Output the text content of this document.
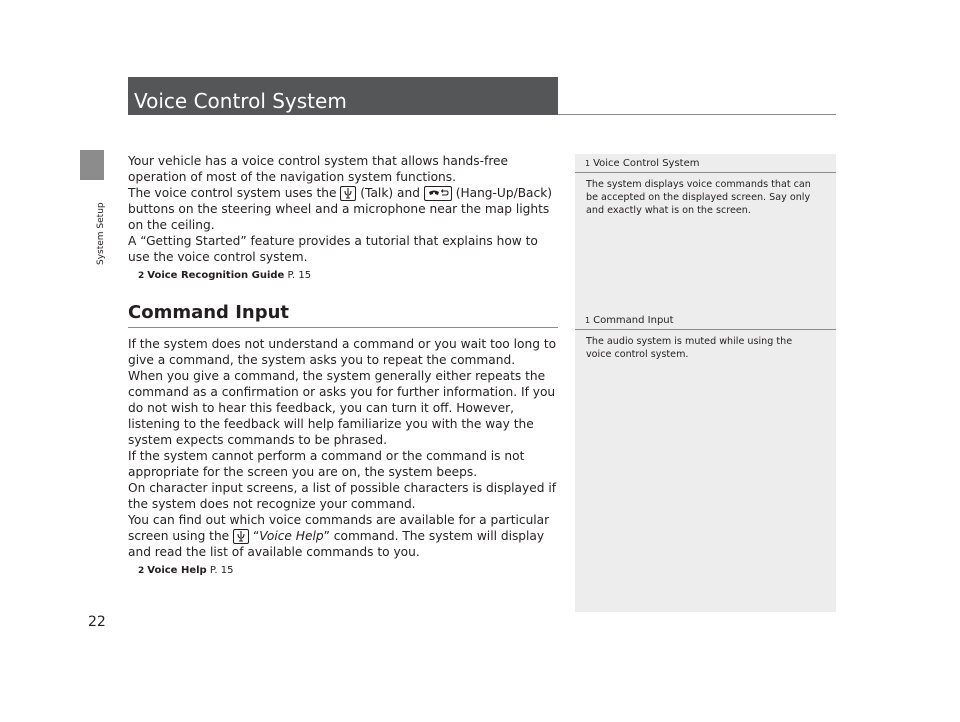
System Setup
22
Voice Control System

Your vehicle has a voice control system that allows hands-free operation of most of the navigation system functions.

The voice control system uses the (Talk) and	(Hang-Up/Back) buttons on the steering wheel and a microphone near the map lights on the ceiling.

A “Getting Started” feature provides a tutorial that explains how to use the voice control system.

2 Voice Recognition Guide P. 15
Command Input

If the system does not understand a command or you wait too long to give a command, the system asks you to repeat the command.

When you give a command, the system generally either repeats the command as a confirmation or asks you for further information. If you do not wish to hear this feedback, you can turn it off. However, listening to the feedback will help familiarize you with the way the system expects commands to be phrased.

If the system cannot perform a command or the command is not appropriate for the screen you are on, the system beeps.

On character input screens, a list of possible characters is displayed if the system does not recognize your command.

You can find out which voice commands are available for a particular screen using the “Voice Help” command. The system will display and read the list of available commands to you.

2 Voice Help P. 15
1 Voice Control System
The system displays voice commands that can be accepted on the displayed screen. Say only and exactly what is on the screen.
1 Command Input
The audio system is muted while using the voice control system.
